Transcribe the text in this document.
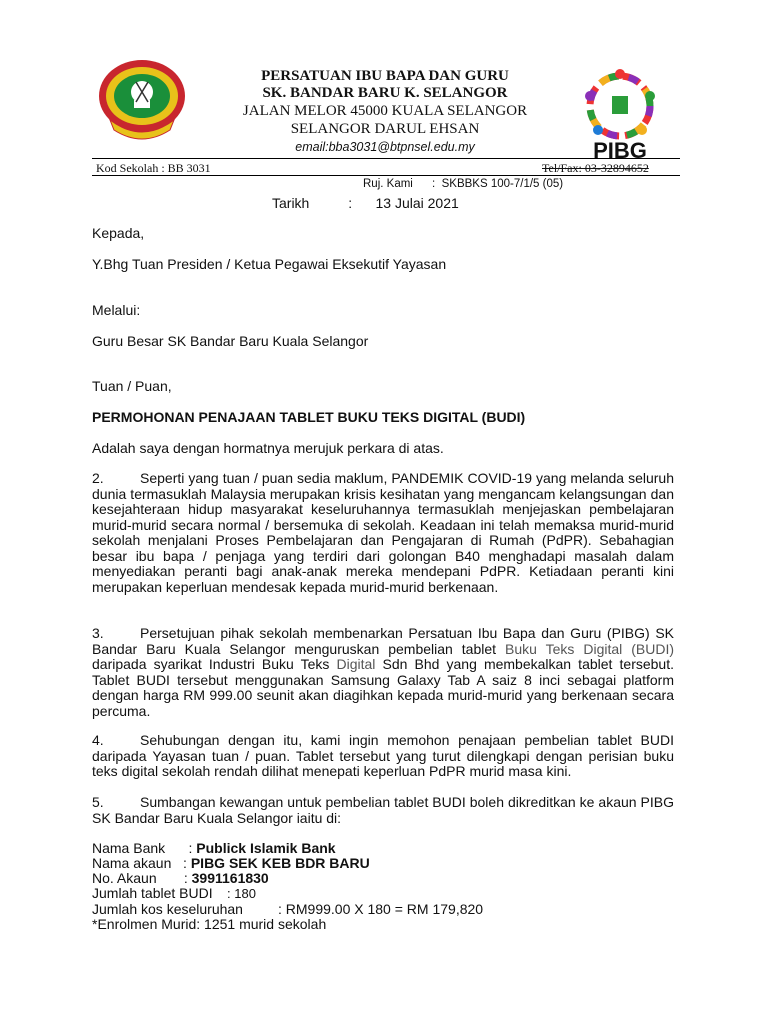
PERSATUAN IBU BAPA DAN GURU
SK. BANDAR BARU K. SELANGOR
JALAN MELOR 45000 KUALA SELANGOR
SELANGOR DARUL EHSAN
email:bba3031@btpnsel.edu.my	PIBG
Kod Sekolah : BB 3031	Tel/Fax: 03-32894652
Ruj. Kami :  SKBBKS 100-7/1/5 (05)
Tarikh	:      13 Julai 2021
Kepada,
Y.Bhg Tuan Presiden / Ketua Pegawai Eksekutif Yayasan
Melalui:
Guru Besar SK Bandar Baru Kuala Selangor
Tuan / Puan,
PERMOHONAN PENAJAAN TABLET BUKU TEKS DIGITAL (BUDI)
Adalah saya dengan hormatnya merujuk perkara di atas.
2.	Seperti yang tuan / puan sedia maklum, PANDEMIK COVID-19 yang melanda seluruh dunia termasuklah Malaysia merupakan krisis kesihatan yang mengancam kelangsungan dan kesejahteraan hidup masyarakat keseluruhannya termasuklah menjejaskan pembelajaran murid-murid secara normal / bersemuka di sekolah. Keadaan ini telah memaksa murid-murid sekolah menjalani Proses Pembelajaran dan Pengajaran di Rumah (PdPR). Sebahagian besar ibu bapa / penjaga yang terdiri dari golongan B40 menghadapi masalah dalam menyediakan peranti bagi anak-anak mereka mendepani PdPR. Ketiadaan peranti kini merupakan keperluan mendesak kepada murid-murid berkenaan.
3.	Persetujuan pihak sekolah membenarkan Persatuan Ibu Bapa dan Guru (PIBG) SK Bandar Baru Kuala Selangor menguruskan pembelian tablet Buku Teks Digital (BUDI) daripada syarikat Industri Buku Teks Digital Sdn Bhd yang membekalkan tablet tersebut. Tablet BUDI tersebut menggunakan Samsung Galaxy Tab A saiz 8 inci sebagai platform dengan harga RM 999.00 seunit akan diagihkan kepada murid-murid yang berkenaan secara percuma.
4.	Sehubungan dengan itu, kami ingin memohon penajaan pembelian tablet BUDI daripada Yayasan tuan / puan. Tablet tersebut yang turut dilengkapi dengan perisian buku teks digital sekolah rendah dilihat menepati keperluan PdPR murid masa kini.
5.	Sumbangan kewangan untuk pembelian tablet BUDI boleh dikreditkan ke akaun PIBG SK Bandar Baru Kuala Selangor iaitu di:
Nama Bank      : Publick Islamik Bank
Nama akaun   : PIBG SEK KEB BDR BARU
No. Akaun       : 3991161830
Jumlah tablet BUDI    : 180
Jumlah kos keseluruhan         : RM999.00 X 180 = RM 179,820
*Enrolmen Murid: 1251 murid sekolah
